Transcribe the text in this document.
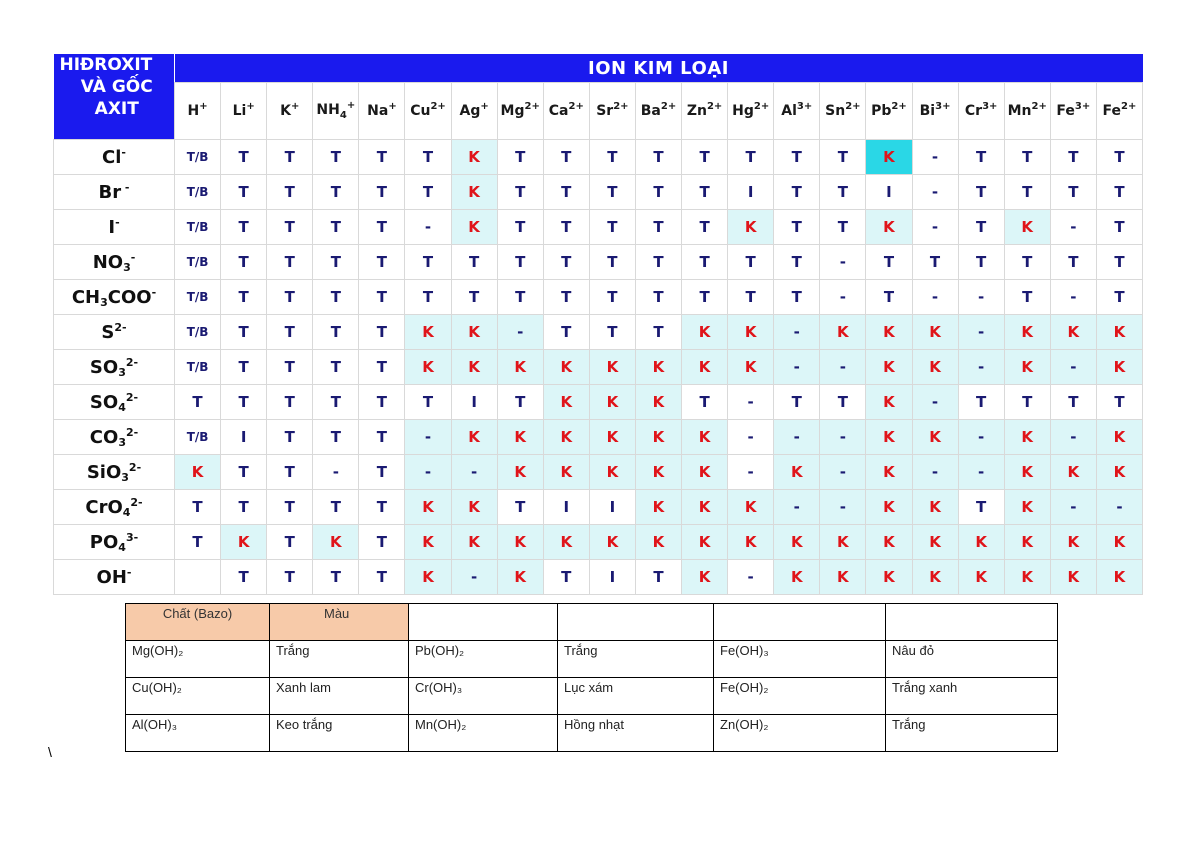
HIĐROXIT
VÀ GỐC
AXIT	ION KIM LOẠI																				
	H+	Li+	K+	$NH_4^+$	Na+	$Cu^{2+}$	Ag+	$Mg^{2+}$	$Ca^{2+}$	$Sr^{2+}$	$Ba^{2+}$	$Zn^{2+}$	$Hg^{2+}$	$Al^{3+}$	$Sn^{2+}$	$Pb^{2+}$	$Bi^{3+}$	$Cr^{3+}$	$Mn^{2+}$	$Fe^{3+}$	$Fe^{2+}$
Cl-	T/B	T	T	T	T	T	K	T	T	T	T	T	T	T	T	K	-	T	T	T	T
Br -	T/B	T	T	T	T	T	K	T	T	T	T	T	I	T	T	I	-	T	T	T	T
I-	T/B	T	T	T	T	-	K	T	T	T	T	T	K	T	T	K	-	T	K	-	T
$NO_3^-$	T/B	T	T	T	T	T	T	T	T	T	T	T	T	T	-	T	T	T	T	T	T
$CH_3COO^-$	T/B	T	T	T	T	T	T	T	T	T	T	T	T	T	-	T	-	-	T	-	T
$S^{2-}$	T/B	T	T	T	T	K	K	-	T	T	T	K	K	-	K	K	K	-	K	K	K
$SO_3^{2-}$	T/B	T	T	T	T	K	K	K	K	K	K	K	K	-	-	K	K	-	K	-	K
$SO_4^{2-}$	T	T	T	T	T	T	I	T	K	K	K	T	-	T	T	K	-	T	T	T	T
$CO_3^{2-}$	T/B	I	T	T	T	-	K	K	K	K	K	K	-	-	-	K	K	-	K	-	K
SiO$_3^{2-}$	K	T	T	-	T	-	-	K	K	K	K	K	-	K	-	K	-	-	K	K	K
CrO$_4^{2-}$	T	T	T	T	T	K	K	T	I	I	K	K	K	-	-	K	K	T	K	-	-
$PO_4^{3-}$	T	K	T	K	T	K	K	K	K	K	K	K	K	K	K	K	K	K	K	K	K
OH-		T	T	T	T	K	-	K	T	I	T	K	-	K	K	K	K	K	K	K	K
Chất (Bazo)	Màu				
Mg(OH)₂	Trắng	Pb(OH)₂	Trắng	Fe(OH)₃	Nâu đỏ
Cu(OH)₂	Xanh lam	Cr(OH)₃	Lục xám	Fe(OH)₂	Trắng xanh
Al(OH)₃	Keo trắng	Mn(OH)₂	Hồng nhạt	Zn(OH)₂	Trắng
\
